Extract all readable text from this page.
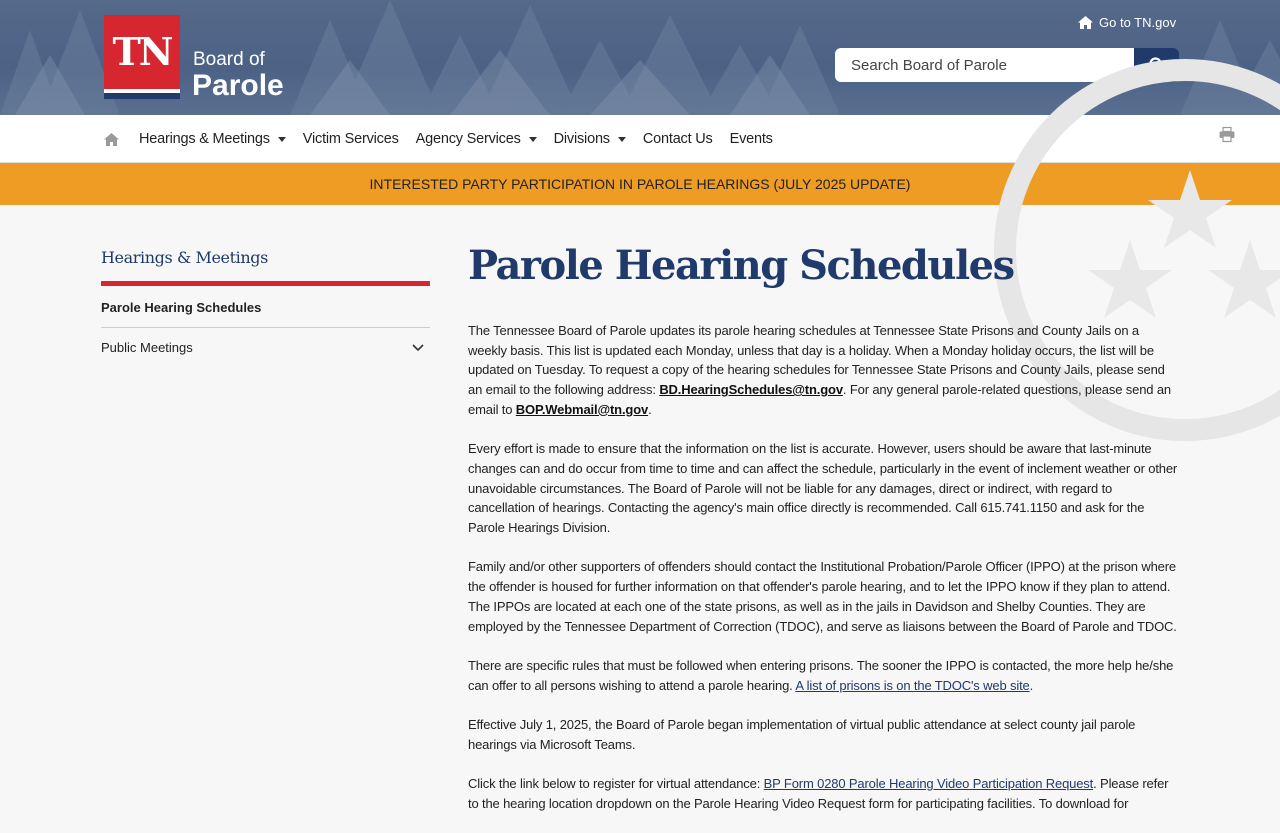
TN	Board of
Parole
Go to TN.gov
Search Board of Parole
Hearings & Meetings Victim Services Agency Services Divisions Contact Us Events
INTERESTED PARTY PARTICIPATION IN PAROLE HEARINGS (JULY 2025 UPDATE)
Hearings & Meetings
Parole Hearing Schedules
Public Meetings
Parole Hearing Schedules

The Tennessee Board of Parole updates its parole hearing schedules at Tennessee State Prisons and County Jails on a weekly basis. This list is updated each Monday, unless that day is a holiday. When a Monday holiday occurs, the list will be updated on Tuesday. To request a copy of the hearing schedules for Tennessee State Prisons and County Jails, please send an email to the following address: BD.HearingSchedules@tn.gov. For any general parole-related questions, please send an email to BOP.Webmail@tn.gov.

Every effort is made to ensure that the information on the list is accurate. However, users should be aware that last-minute changes can and do occur from time to time and can affect the schedule, particularly in the event of inclement weather or other unavoidable circumstances. The Board of Parole will not be liable for any damages, direct or indirect, with regard to cancellation of hearings. Contacting the agency's main office directly is recommended. Call 615.741.1150 and ask for the Parole Hearings Division.

Family and/or other supporters of offenders should contact the Institutional Probation/Parole Officer (IPPO) at the prison where the offender is housed for further information on that offender's parole hearing, and to let the IPPO know if they plan to attend. The IPPOs are located at each one of the state prisons, as well as in the jails in Davidson and Shelby Counties. They are employed by the Tennessee Department of Correction (TDOC), and serve as liaisons between the Board of Parole and TDOC.

There are specific rules that must be followed when entering prisons. The sooner the IPPO is contacted, the more help he/she can offer to all persons wishing to attend a parole hearing. A list of prisons is on the TDOC's web site.

Effective July 1, 2025, the Board of Parole began implementation of virtual public attendance at select county jail parole hearings via Microsoft Teams.

Click the link below to register for virtual attendance: BP Form 0280 Parole Hearing Video Participation Request. Please refer to the hearing location dropdown on the Parole Hearing Video Request form for participating facilities. To download for
